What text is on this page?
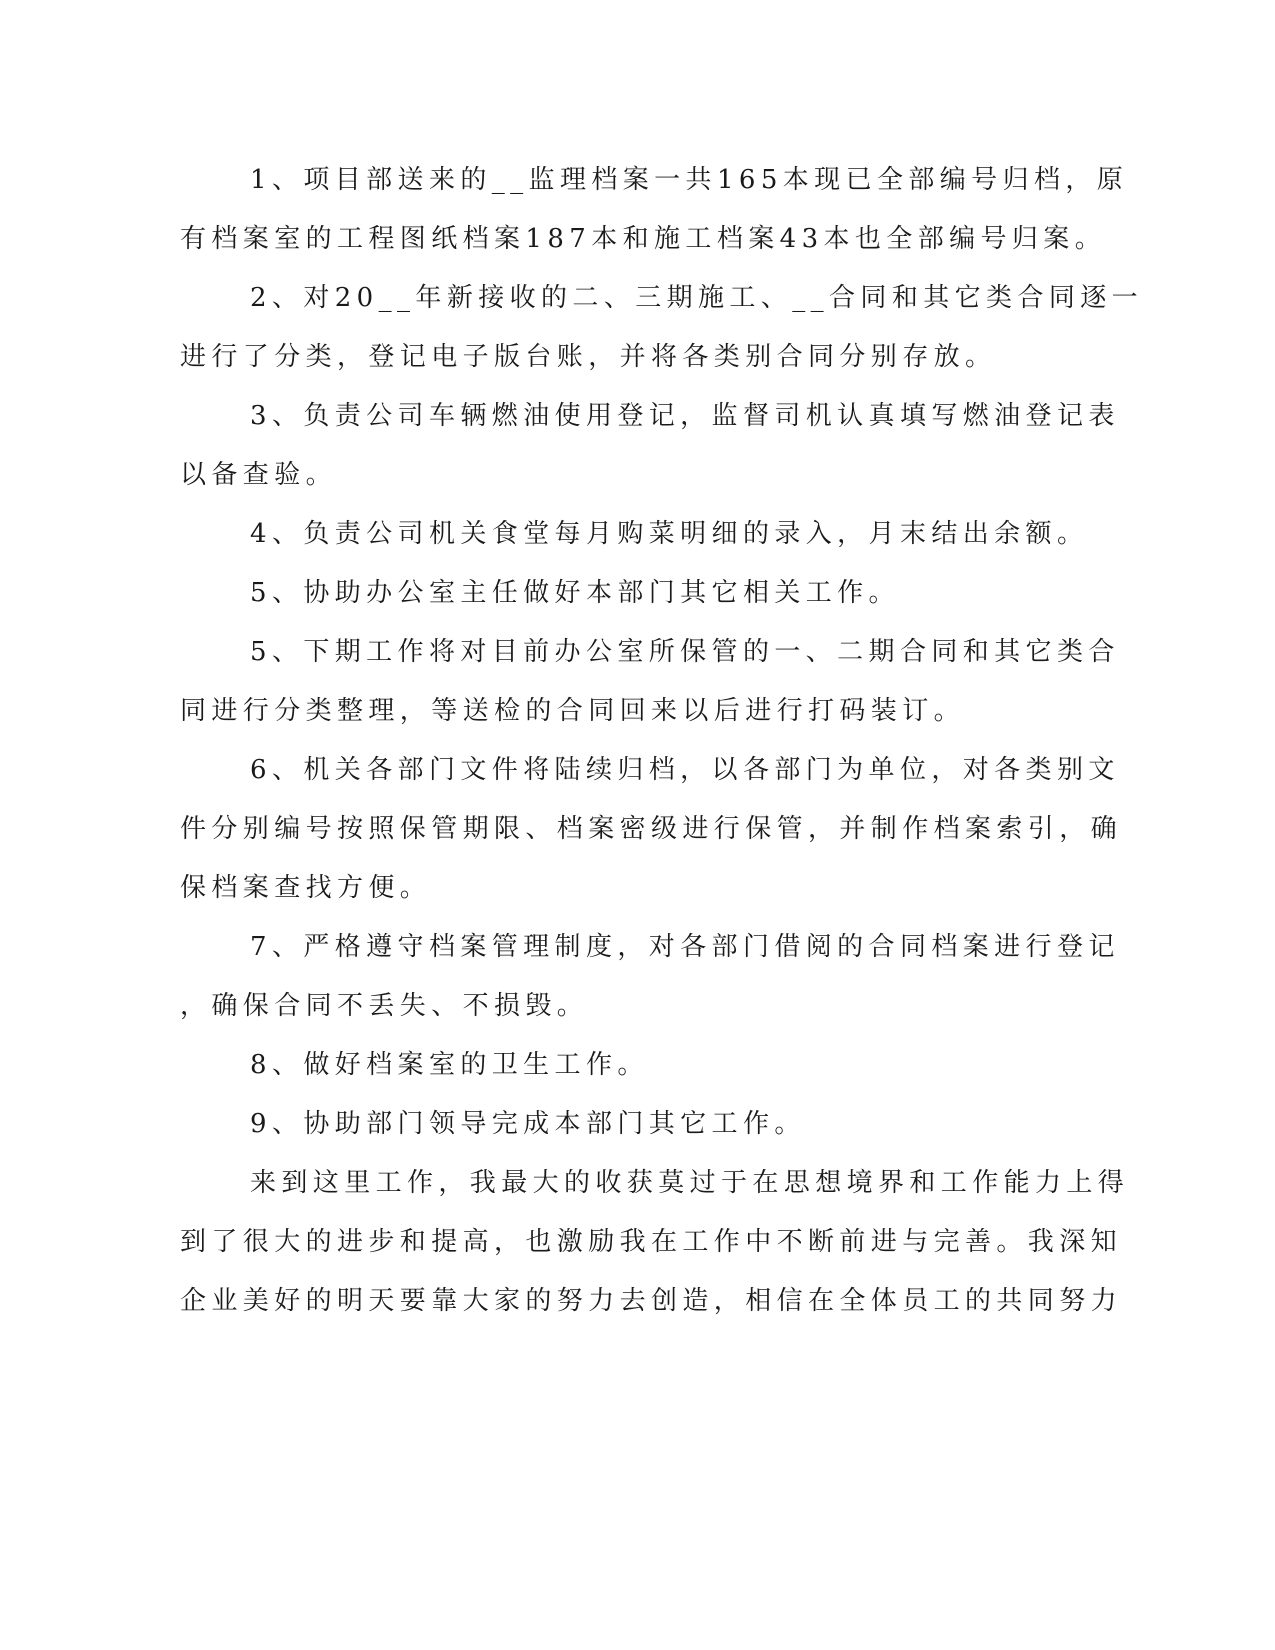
1、项目部送来的__监理档案一共165本现已全部编号归档，原
有档案室的工程图纸档案187本和施工档案43本也全部编号归案。
2、对20__年新接收的二、三期施工、__合同和其它类合同逐一
进行了分类，登记电子版台账，并将各类别合同分别存放。
3、负责公司车辆燃油使用登记，监督司机认真填写燃油登记表
以备查验。
4、负责公司机关食堂每月购菜明细的录入，月末结出余额。
5、协助办公室主任做好本部门其它相关工作。
5、下期工作将对目前办公室所保管的一、二期合同和其它类合
同进行分类整理，等送检的合同回来以后进行打码装订。
6、机关各部门文件将陆续归档，以各部门为单位，对各类别文
件分别编号按照保管期限、档案密级进行保管，并制作档案索引，确
保档案查找方便。
7、严格遵守档案管理制度，对各部门借阅的合同档案进行登记
，确保合同不丢失、不损毁。
8、做好档案室的卫生工作。
9、协助部门领导完成本部门其它工作。
来到这里工作，我最大的收获莫过于在思想境界和工作能力上得
到了很大的进步和提高，也激励我在工作中不断前进与完善。我深知
企业美好的明天要靠大家的努力去创造，相信在全体员工的共同努力
